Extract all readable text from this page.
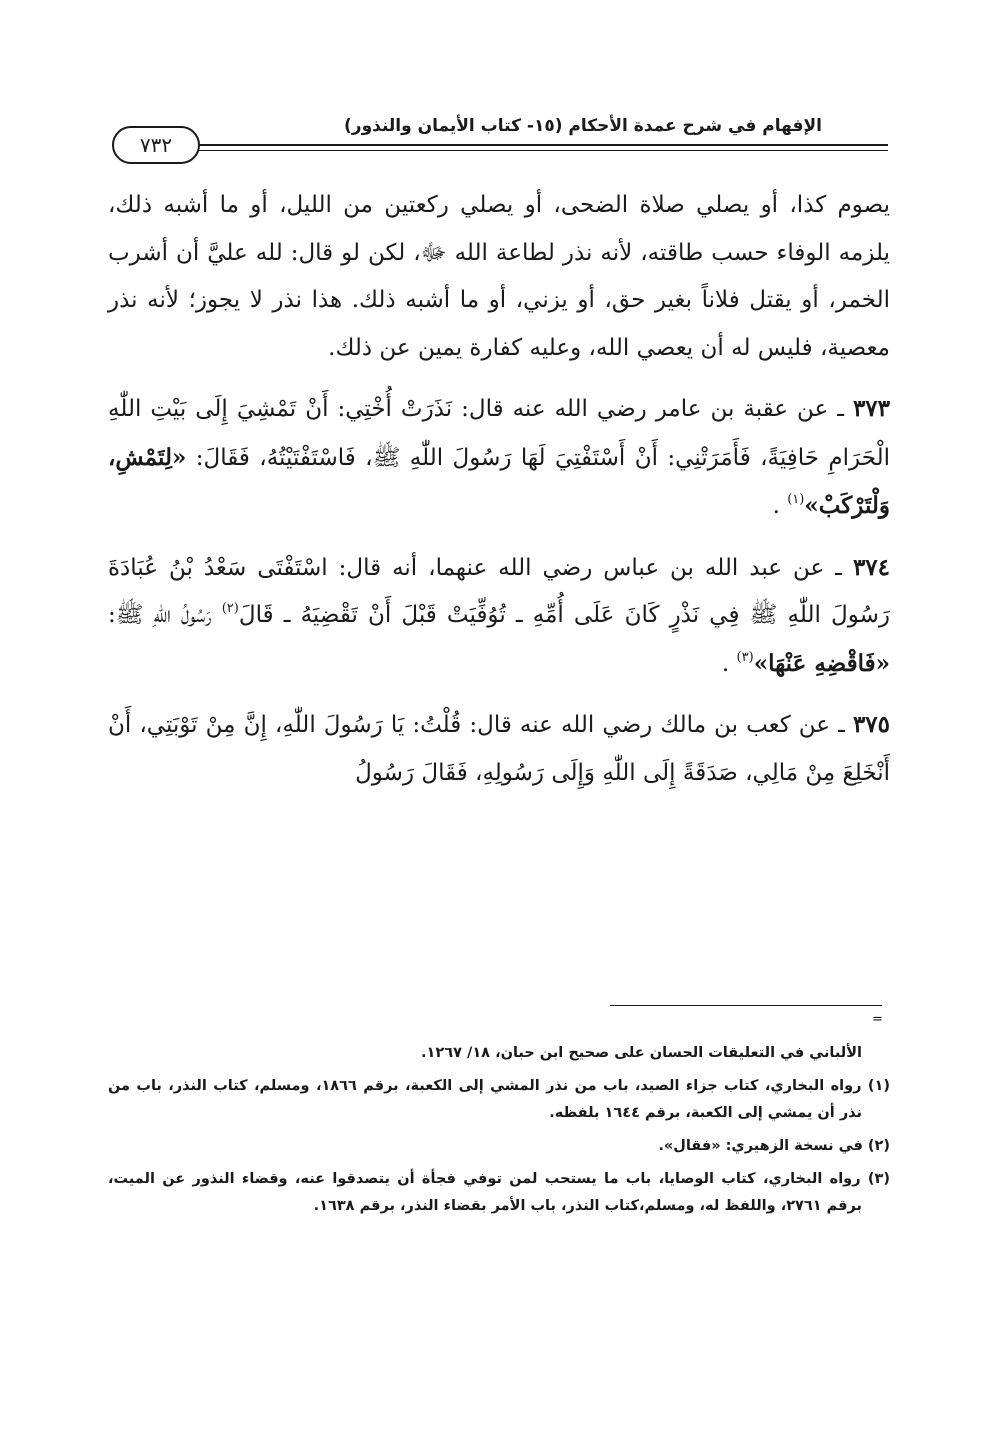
الإفهام في شرح عمدة الأحكام (١٥- كتاب الأيمان والنذور)
٧٣٢

يصوم كذا، أو يصلي صلاة الضحى، أو يصلي ركعتين من الليل، أو ما أشبه ذلك، يلزمه الوفاء حسب طاقته، لأنه نذر لطاعة الله ﷻ، لكن لو قال: لله عليَّ أن أشرب الخمر، أو يقتل فلاناً بغير حق، أو يزني، أو ما أشبه ذلك. هذا نذر لا يجوز؛ لأنه نذر معصية، فليس له أن يعصي الله، وعليه كفارة يمين عن ذلك.

٣٧٣ ـ عن عقبة بن عامر رضي الله عنه قال: نَذَرَتْ أُخْتِي: أَنْ تَمْشِيَ إِلَى بَيْتِ اللّٰهِ الْحَرَامِ حَافِيَةً، فَأَمَرَتْنِي: أَنْ أَسْتَفْتِيَ لَهَا رَسُولَ اللّٰهِ ﷺ، فَاسْتَفْتَيْتُهُ، فَقَالَ: «لِتَمْشِ، وَلْتَرْكَبْ»$^{(١)}$ .

٣٧٤ ـ عن عبد الله بن عباس رضي الله عنهما، أنه قال: اسْتَفْتَى سَعْدُ بْنُ عُبَادَةَ رَسُولَ اللّٰهِ ﷺ فِي نَذْرٍ كَانَ عَلَى أُمِّهِ ـ تُوُفِّيَتْ قَبْلَ أَنْ تَقْضِيَهُ ـ قَالَ$^{(٢)}$ رَسُولُ اللّٰهِ ﷺ: «فَاقْضِهِ عَنْهَا»$^{(٣)}$ .

٣٧٥ ـ عن كعب بن مالك رضي الله عنه قال: قُلْتُ: يَا رَسُولَ اللّٰهِ، إِنَّ مِنْ تَوْبَتِي، أَنْ أَنْخَلِعَ مِنْ مَالِي، صَدَقَةً إِلَى اللّٰهِ وَإِلَى رَسُولِهِ، فَقَالَ رَسُولُ

=

الألباني في التعليقات الحسان على صحيح ابن حبان، ١٨/ ١٢٦٧.

(١) رواه البخاري، كتاب جزاء الصيد، باب من نذر المشي إلى الكعبة، برقم ١٨٦٦، ومسلم، كتاب النذر، باب من نذر أن يمشي إلى الكعبة، برقم ١٦٤٤ بلفظه.

(٢) في نسخة الزهيري: «فقال».

(٣) رواه البخاري، كتاب الوصايا، باب ما يستحب لمن توفي فجأة أن يتصدقوا عنه، وقضاء النذور عن الميت، برقم ٢٧٦١، واللفظ له، ومسلم،كتاب النذر، باب الأمر بقضاء النذر، برقم ١٦٣٨.
